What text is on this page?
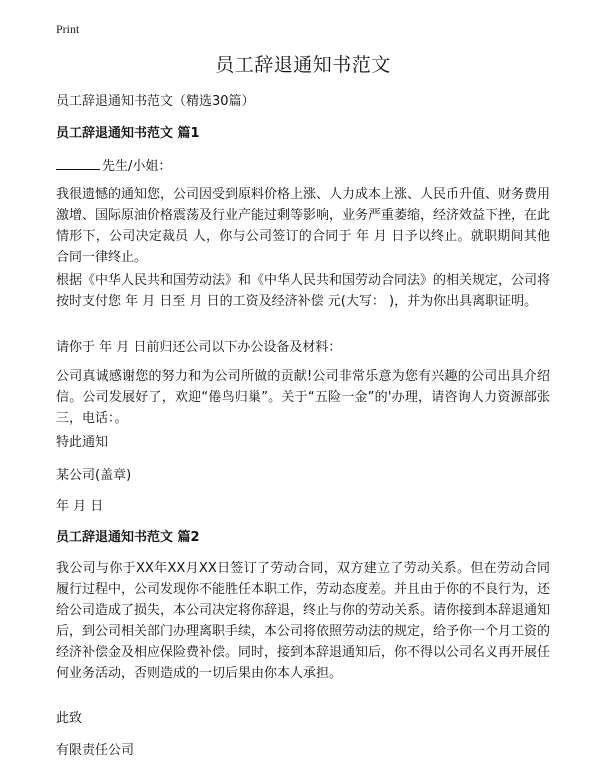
Print
员工辞退通知书范文

员工辞退通知书范文（精选30篇）

员工辞退通知书范文 篇1

先生/小姐：

我很遗憾的通知您，公司因受到原料价格上涨、人力成本上涨、人民币升值、财务费用激增、国际原油价格震荡及行业产能过剩等影响，业务严重萎缩，经济效益下挫，在此情形下，公司决定裁员 人，你与公司签订的合同于 年 月 日予以终止。就职期间其他合同一律终止。

根据《中华人民共和国劳动法》和《中华人民共和国劳动合同法》的相关规定，公司将按时支付您 年 月 日至 月 日的工资及经济补偿 元(大写： )，并为你出具离职证明。

请你于 年 月 日前归还公司以下办公设备及材料：

公司真诚感谢您的努力和为公司所做的贡献!公司非常乐意为您有兴趣的公司出具介绍信。公司发展好了，欢迎“倦鸟归巢”。关于“五险一金”的'办理，请咨询人力资源部张三，电话：。

特此通知

某公司(盖章)

年 月 日

员工辞退通知书范文 篇2

我公司与你于XX年XX月XX日签订了劳动合同，双方建立了劳动关系。但在劳动合同履行过程中，公司发现你不能胜任本职工作，劳动态度差。并且由于你的不良行为，还给公司造成了损失，本公司决定将你辞退，终止与你的劳动关系。请你接到本辞退通知后，到公司相关部门办理离职手续，本公司将依照劳动法的规定，给予你一个月工资的经济补偿金及相应保险费补偿。同时，接到本辞退通知后，你不得以公司名义再开展任何业务活动，否则造成的一切后果由你本人承担。

此致

有限责任公司
